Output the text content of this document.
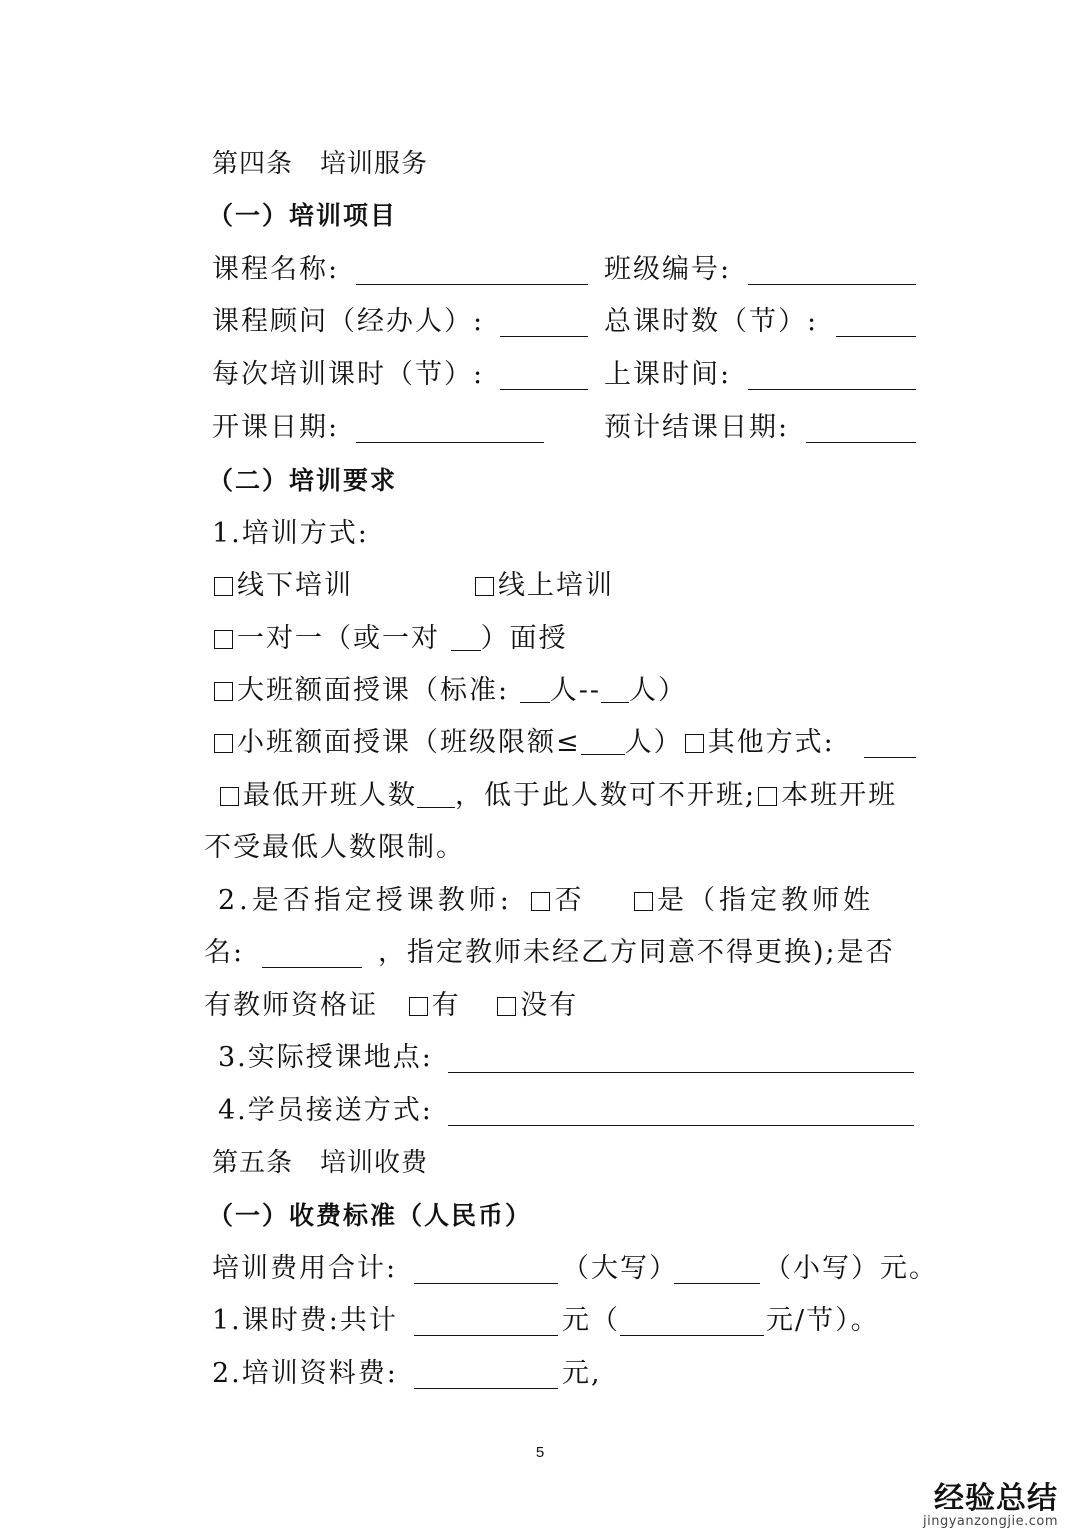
第四条　培训服务
（一）培训项目
课程名称:	班级编号:
课程顾问（经办人）:	总课时数（节）:
每次培训课时（节）:	上课时间:
开课日期:	预计结课日期:
（二）培训要求
1.培训方式:
线下培训	线上培训
一对一（或一对 ）面授
大班额面授课（标准: 人-- 人）
小班额面授课（班级限额≤ 人） 其他方式:
最低开班人数 ，低于此人数可不开班; 本班开班
不受最低人数限制。
2.是否指定授课教师: 否	是（指定教师姓
名:	，指定教师未经乙方同意不得更换);是否
有教师资格证 有 没有
3.实际授课地点:
4.学员接送方式:
第五条　培训收费
（一）收费标准（人民币）
培训费用合计:	（大写）	（小写）元。
1.课时费:共计	元（	元/节）。
2.培训资料费:	元,
5
经验总结
jingyanzongjie.com
